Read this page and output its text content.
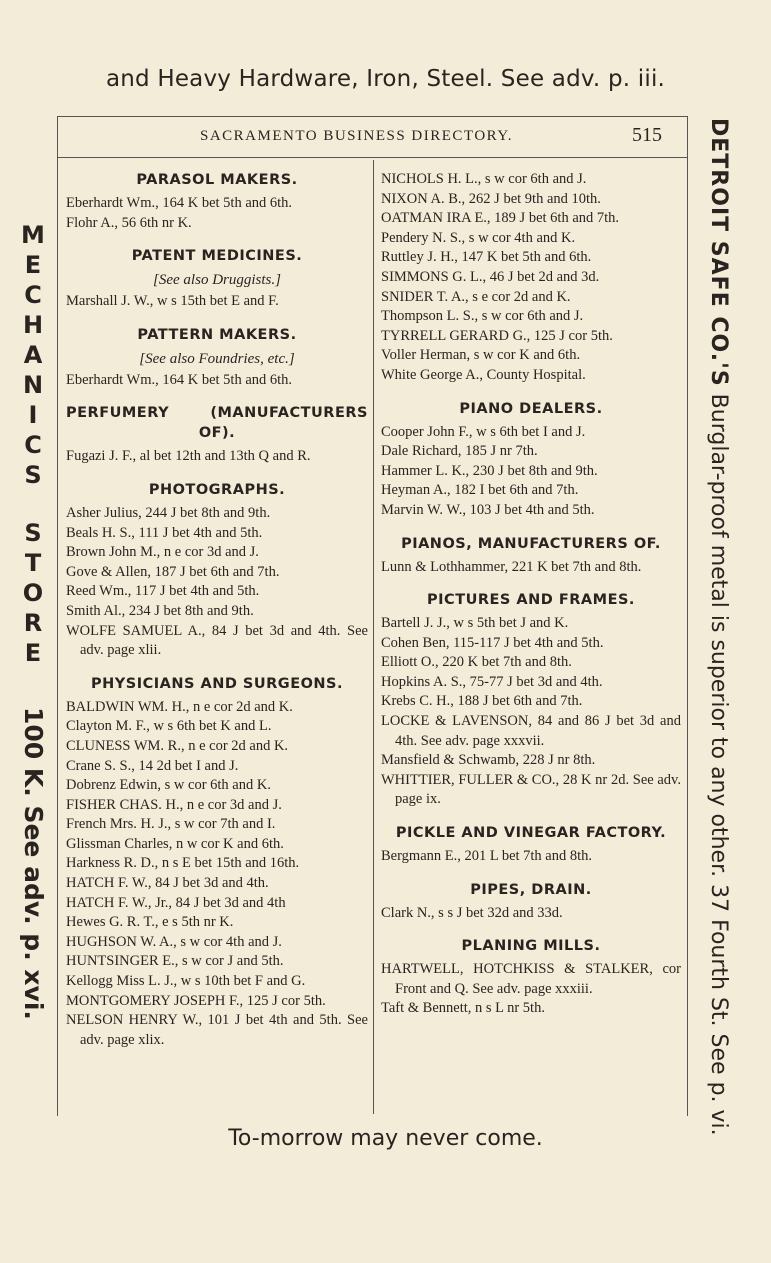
and Heavy Hardware, Iron, Steel. See adv. p. iii.
M
E
C
H
A
N
I
C
S
S
T
O
R
E
100 K. See adv. p. xvi.
DETROIT SAFE CO.'S Burglar-proof metal is superior to any other. 37 Fourth St. See p. vi.
SACRAMENTO BUSINESS DIRECTORY.	515
PARASOL MAKERS.
Eberhardt Wm., 164 K bet 5th and 6th.
Flohr A., 56 6th nr K.
PATENT MEDICINES.
[See also Druggists.]
Marshall J. W., w s 15th bet E and F.
PATTERN MAKERS.
[See also Foundries, etc.]
Eberhardt Wm., 164 K bet 5th and 6th.
PERFUMERY (MANUFACTURERS OF).
Fugazi J. F., al bet 12th and 13th Q and R.
PHOTOGRAPHS.
Asher Julius, 244 J bet 8th and 9th.
Beals H. S., 111 J bet 4th and 5th.
Brown John M., n e cor 3d and J.
Gove & Allen, 187 J bet 6th and 7th.
Reed Wm., 117 J bet 4th and 5th.
Smith Al., 234 J bet 8th and 9th.
WOLFE SAMUEL A., 84 J bet 3d and 4th. See adv. page xlii.
PHYSICIANS AND SURGEONS.
BALDWIN WM. H., n e cor 2d and K.
Clayton M. F., w s 6th bet K and L.
CLUNESS WM. R., n e cor 2d and K.
Crane S. S., 14 2d bet I and J.
Dobrenz Edwin, s w cor 6th and K.
FISHER CHAS. H., n e cor 3d and J.
French Mrs. H. J., s w cor 7th and I.
Glissman Charles, n w cor K and 6th.
Harkness R. D., n s E bet 15th and 16th.
HATCH F. W., 84 J bet 3d and 4th.
HATCH F. W., Jr., 84 J bet 3d and 4th
Hewes G. R. T., e s 5th nr K.
HUGHSON W. A., s w cor 4th and J.
HUNTSINGER E., s w cor J and 5th.
Kellogg Miss L. J., w s 10th bet F and G.
MONTGOMERY JOSEPH F., 125 J cor 5th.
NELSON HENRY W., 101 J bet 4th and 5th. See adv. page xlix.
NICHOLS H. L., s w cor 6th and J.
NIXON A. B., 262 J bet 9th and 10th.
OATMAN IRA E., 189 J bet 6th and 7th.
Pendery N. S., s w cor 4th and K.
Ruttley J. H., 147 K bet 5th and 6th.
SIMMONS G. L., 46 J bet 2d and 3d.
SNIDER T. A., s e cor 2d and K.
Thompson L. S., s w cor 6th and J.
TYRRELL GERARD G., 125 J cor 5th.
Voller Herman, s w cor K and 6th.
White George A., County Hospital.
PIANO DEALERS.
Cooper John F., w s 6th bet I and J.
Dale Richard, 185 J nr 7th.
Hammer L. K., 230 J bet 8th and 9th.
Heyman A., 182 I bet 6th and 7th.
Marvin W. W., 103 J bet 4th and 5th.
PIANOS, MANUFACTURERS OF.
Lunn & Lothhammer, 221 K bet 7th and 8th.
PICTURES AND FRAMES.
Bartell J. J., w s 5th bet J and K.
Cohen Ben, 115-117 J bet 4th and 5th.
Elliott O., 220 K bet 7th and 8th.
Hopkins A. S., 75-77 J bet 3d and 4th.
Krebs C. H., 188 J bet 6th and 7th.
LOCKE & LAVENSON, 84 and 86 J bet 3d and 4th. See adv. page xxxvii.
Mansfield & Schwamb, 228 J nr 8th.
WHITTIER, FULLER & CO., 28 K nr 2d. See adv. page ix.
PICKLE AND VINEGAR FACTORY.
Bergmann E., 201 L bet 7th and 8th.
PIPES, DRAIN.
Clark N., s s J bet 32d and 33d.
PLANING MILLS.
HARTWELL, HOTCHKISS & STALKER, cor Front and Q. See adv. page xxxiii.
Taft & Bennett, n s L nr 5th.
To-morrow may never come.
